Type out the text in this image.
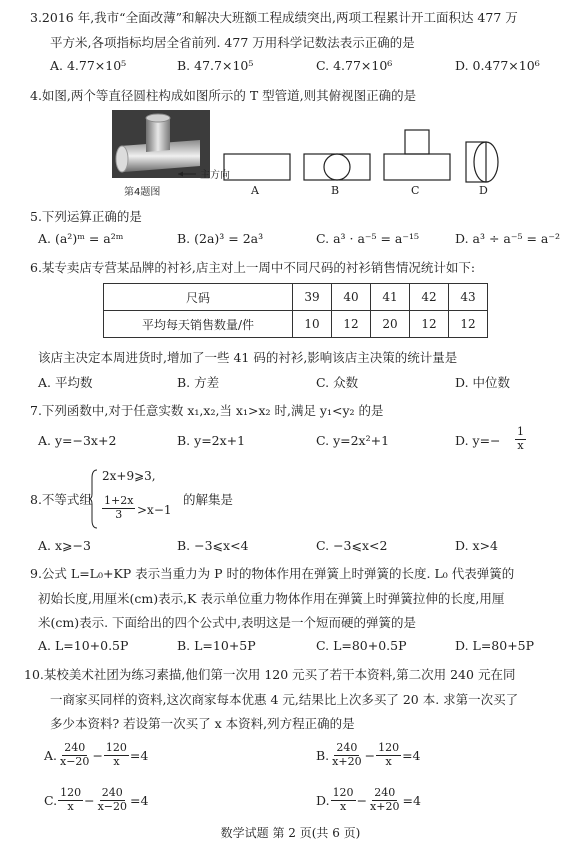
3.2016 年,我市“全面改薄”和解决大班额工程成绩突出,两项工程累计开工面积达 477 万
平方米,各项指标均居全省前列. 477 万用科学记数法表示正确的是
A. 4.77×10⁵	B. 47.7×10⁵	C. 4.77×10⁶	D. 0.477×10⁶
4.如图,两个等直径圆柱构成如图所示的 T 型管道,则其俯视图正确的是
主方向
第4题图	A	B	C	D
5.下列运算正确的是
A. (a²)ᵐ = a²ᵐ	B. (2a)³ = 2a³	C. a³ · a⁻⁵ = a⁻¹⁵	D. a³ ÷ a⁻⁵ = a⁻²
6.某专卖店专营某品牌的衬衫,店主对上一周中不同尺码的衬衫销售情况统计如下:
尺码	39	40	41	42	43
平均每天销售数量/件	10	12	20	12	12
该店主决定本周进货时,增加了一些 41 码的衬衫,影响该店主决策的统计量是
A. 平均数	B. 方差	C. 众数	D. 中位数
7.下列函数中,对于任意实数 x₁,x₂,当 x₁>x₂ 时,满足 y₁<y₂ 的是
A. y=−3x+2	B. y=2x+1	C. y=2x²+1	D. $y=- \frac{1}{x}$
8.不等式组
2x+9⩾3,
$\frac{1+2x}{3} >x-1$
的解集是
A. x⩾−3	B. −3⩽x<4	C. −3⩽x<2	D. x>4
9.公式 L=L₀+KP 表示当重力为 P 时的物体作用在弹簧上时弹簧的长度. L₀ 代表弹簧的
初始长度,用厘米(cm)表示,K 表示单位重力物体作用在弹簧上时弹簧拉伸的长度,用厘
米(cm)表示. 下面给出的四个公式中,表明这是一个短而硬的弹簧的是
A. L=10+0.5P	B. L=10+5P	C. L=80+0.5P	D. L=80+5P
10.某校美术社团为练习素描,他们第一次用 120 元买了若干本资料,第二次用 240 元在同
一商家买同样的资料,这次商家每本优惠 4 元,结果比上次多买了 20 本. 求第一次买了
多少本资料? 若设第一次买了 x 本资料,列方程正确的是
A. $\frac{240}{x-20} - \frac{120}{x} =4$	B. $\frac{240}{x+20} - \frac{120}{x} =4$
C. $\frac{120}{x} - \frac{240}{x-20} =4$	D. $\frac{120}{x} - \frac{240}{x+20} =4$
数学试题 第 2 页(共 6 页)
